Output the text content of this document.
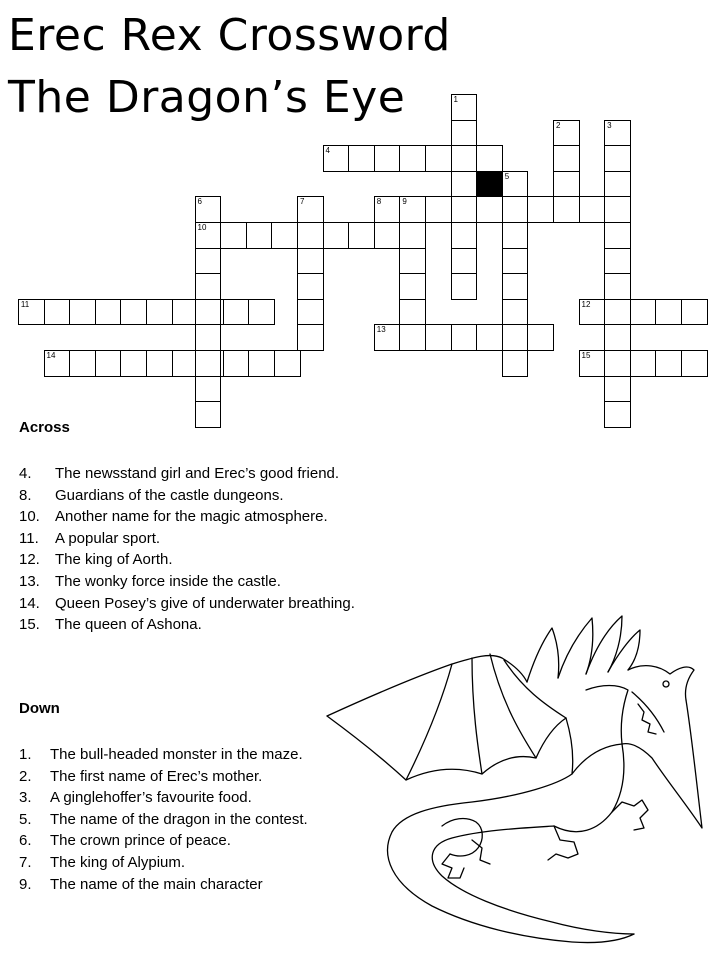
Erec Rex Crossword
The Dragon’s Eye
4
8	9
10
11	12
13
14	15
1
2	3
5
6	7
Across
4. The newsstand girl and Erec’s good friend.
8. Guardians of the castle dungeons.
10. Another name for the magic atmosphere.
11. A popular sport.
12. The king of Aorth.
13. The wonky force inside the castle.
14. Queen Posey’s give of underwater breathing.
15. The queen of Ashona.
Down
1. The bull-headed monster in the maze.
2. The first name of Erec’s mother.
3. A ginglehoffer’s favourite food.
5. The name of the dragon in the contest.
6. The crown prince of peace.
7. The king of Alypium.
9. The name of the main character
